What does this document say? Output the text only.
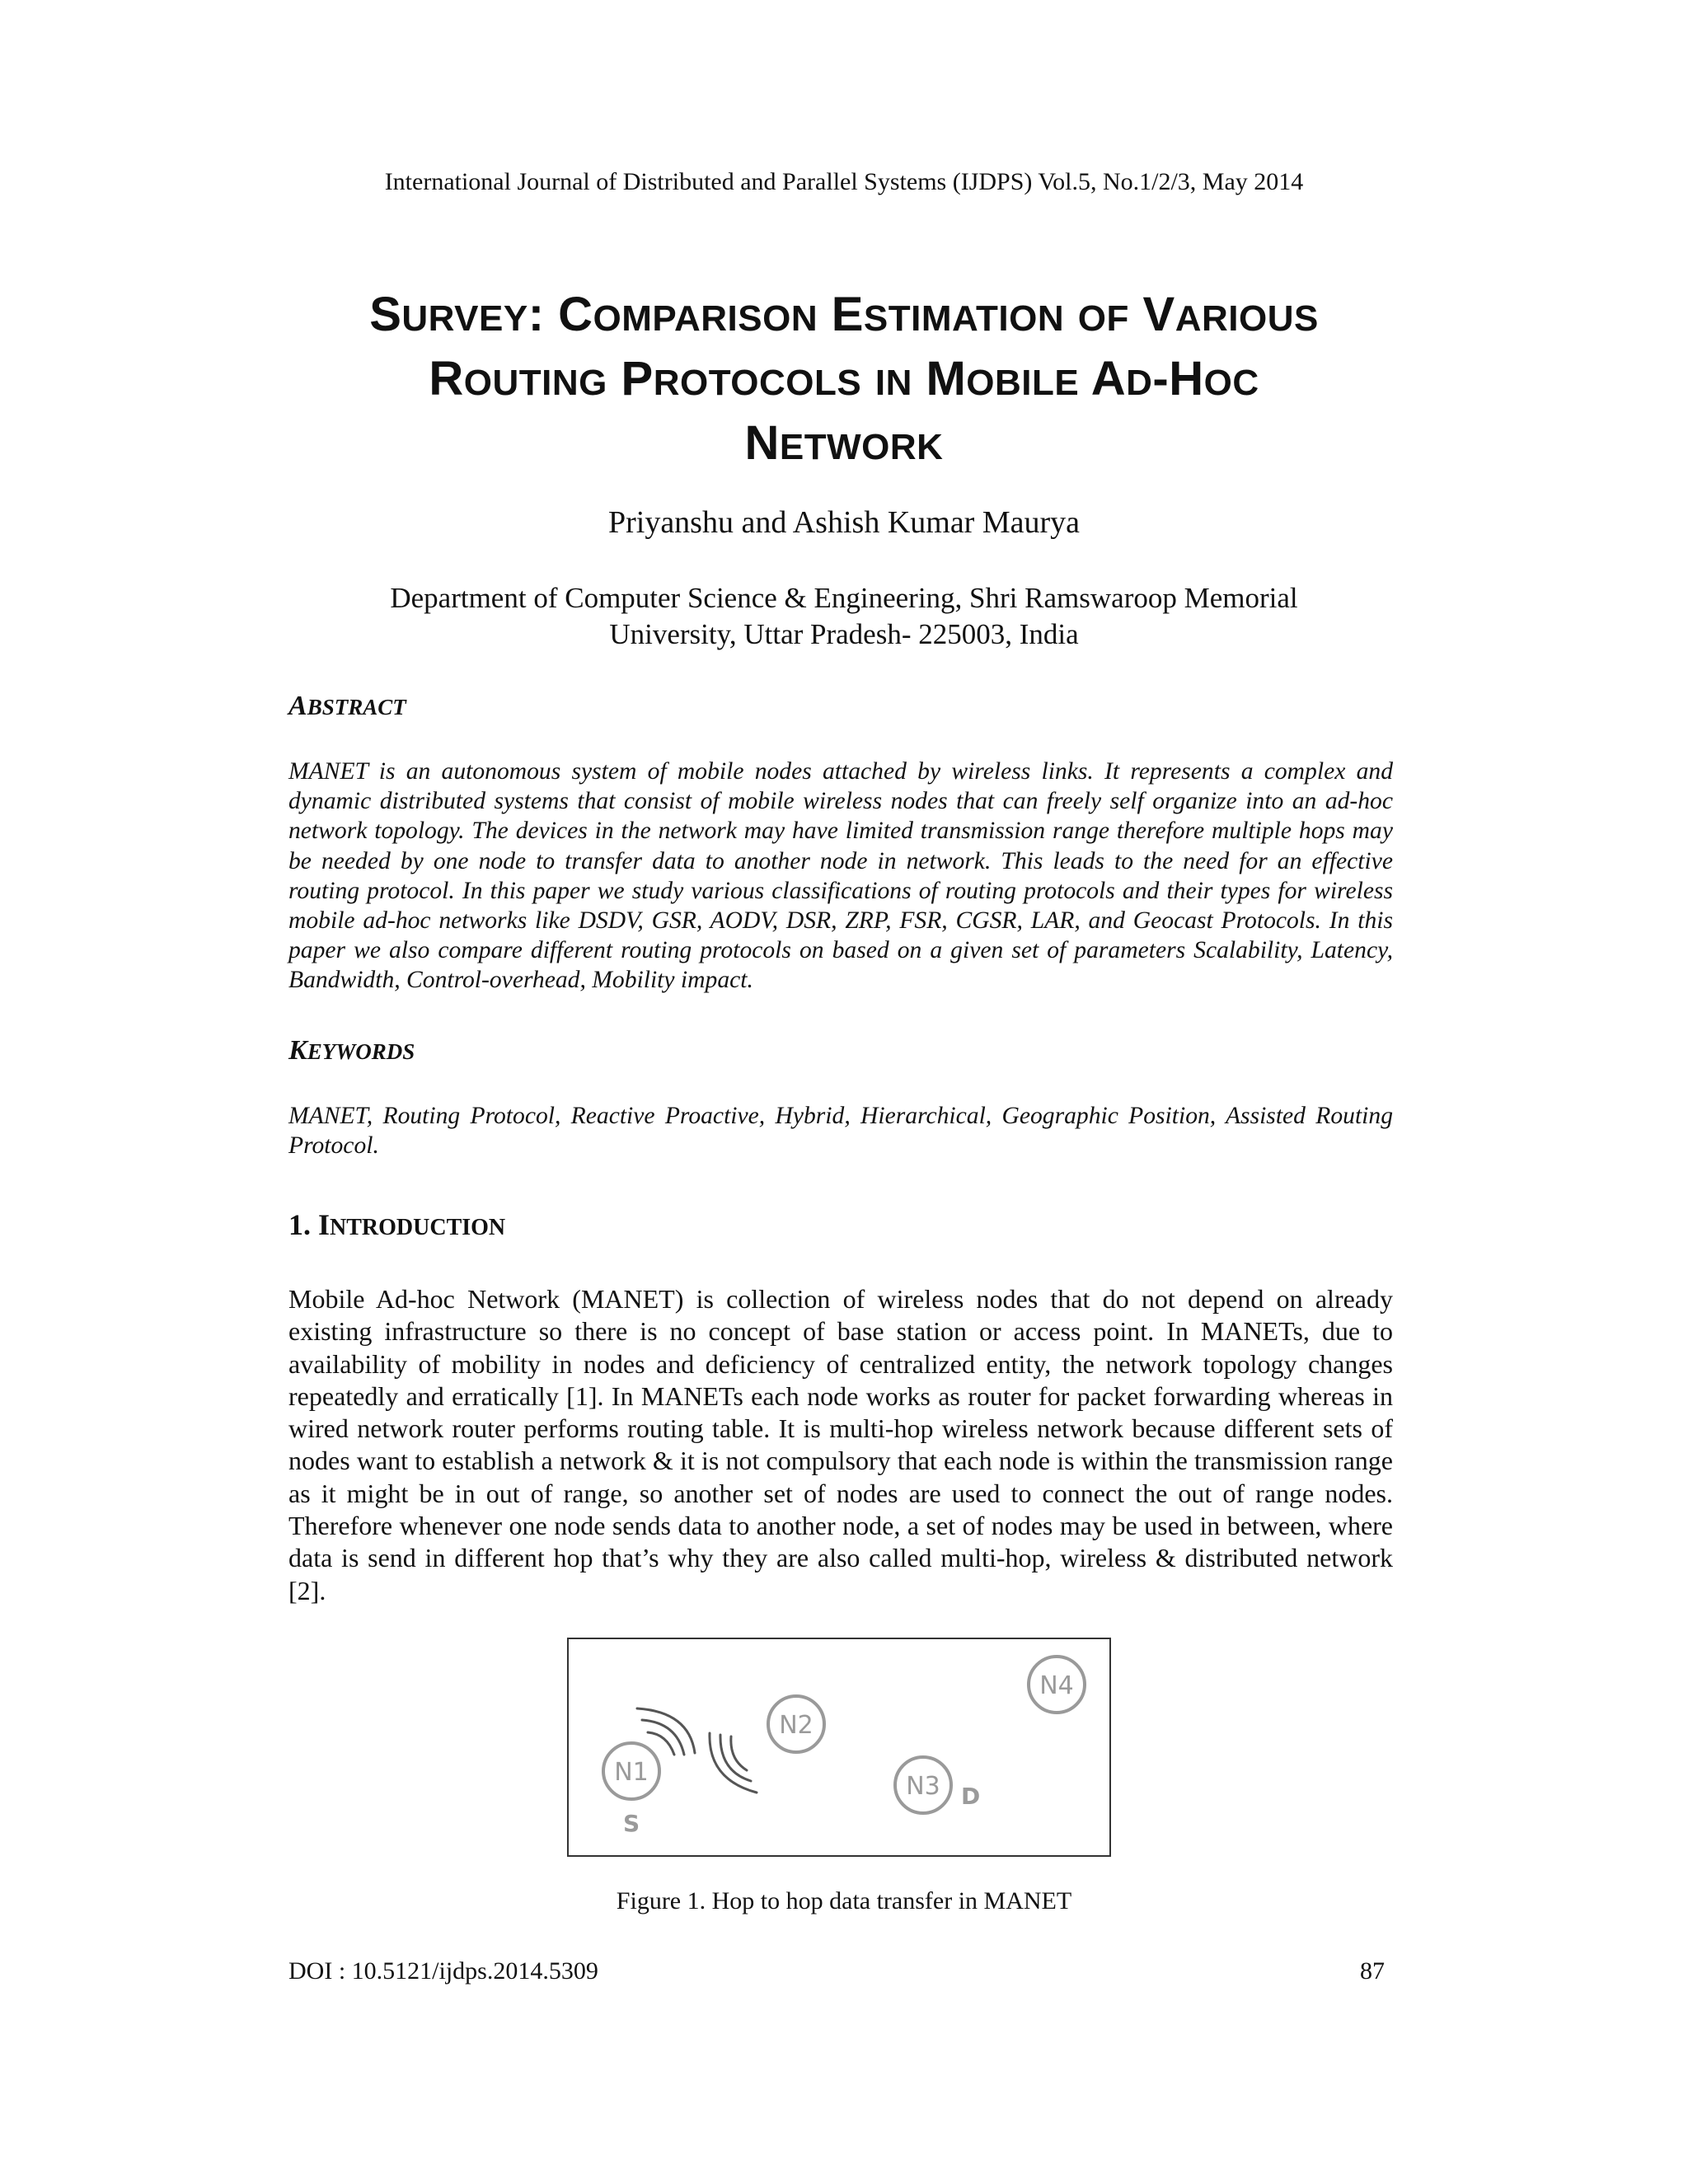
International Journal of Distributed and Parallel Systems (IJDPS) Vol.5, No.1/2/3, May 2014
SURVEY: COMPARISON ESTIMATION OF VARIOUS
ROUTING PROTOCOLS IN MOBILE AD-HOC
NETWORK
Priyanshu and Ashish Kumar Maurya
Department of Computer Science & Engineering, Shri Ramswaroop Memorial
University, Uttar Pradesh- 225003, India
ABSTRACT
MANET is an autonomous system of mobile nodes attached by wireless links. It represents a complex and dynamic distributed systems that consist of mobile wireless nodes that can freely self organize into an ad-hoc network topology. The devices in the network may have limited transmission range therefore multiple hops may be needed by one node to transfer data to another node in network. This leads to the need for an effective routing protocol. In this paper we study various classifications of routing protocols and their types for wireless mobile ad-hoc networks like DSDV, GSR, AODV, DSR, ZRP, FSR, CGSR, LAR, and Geocast Protocols. In this paper we also compare different routing protocols on based on a given set of parameters Scalability, Latency, Bandwidth, Control-overhead, Mobility impact.
KEYWORDS
MANET, Routing Protocol, Reactive Proactive, Hybrid, Hierarchical, Geographic Position, Assisted Routing Protocol.
1. INTRODUCTION
Mobile Ad-hoc Network (MANET) is collection of wireless nodes that do not depend on already existing infrastructure so there is no concept of base station or access point. In MANETs, due to availability of mobility in nodes and deficiency of centralized entity, the network topology changes repeatedly and erratically [1]. In MANETs each node works as router for packet forwarding whereas in wired network router performs routing table. It is multi-hop wireless network because different sets of nodes want to establish a network & it is not compulsory that each node is within the transmission range as it might be in out of range, so another set of nodes are used to connect the out of range nodes. Therefore whenever one node sends data to another node, a set of nodes may be used in between, where data is send in different hop that’s why they are also called multi-hop, wireless & distributed network [2].
N1
N2
N3
N4
S
D
Figure 1. Hop to hop data transfer in MANET
DOI : 10.5121/ijdps.2014.5309	87
